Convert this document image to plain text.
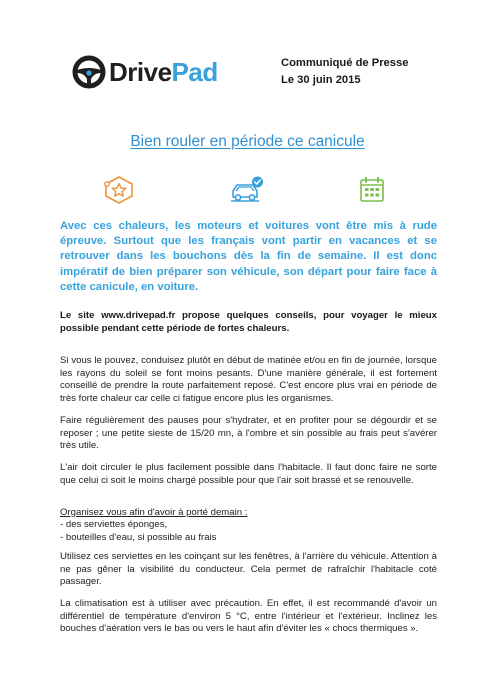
DrivePad	Communiqué de Presse
Le 30 juin 2015
Bien rouler en période ce canicule
Avec ces chaleurs, les moteurs et voitures vont être mis à rude épreuve. Surtout que les français vont partir en vacances et se retrouver dans les bouchons dès la fin de semaine. Il est donc impératif de bien préparer son véhicule, son départ pour faire face à cette canicule, en voiture.
Le site www.drivepad.fr propose quelques conseils, pour voyager le mieux possible pendant cette période de fortes chaleurs.
Si vous le pouvez, conduisez plutôt en début de matinée et/ou en fin de journée, lorsque les rayons du soleil se font moins pesants. D'une manière générale, il est fortement conseillé de prendre la route parfaitement reposé. C'est encore plus vrai en période de très forte chaleur car celle ci fatigue encore plus les organismes.
Faire régulièrement des pauses pour s'hydrater, et en profiter pour se dégourdir et se reposer ; une petite sieste de 15/20 mn, à l'ombre et sin possible au frais peut s'avérer très utile.
L'air doit circuler le plus facilement possible dans l'habitacle. Il faut donc faire ne sorte que celui ci soit le moins chargé possible pour que l'air soit brassé et se renouvelle.
Organisez vous afin d'avoir à porté demain :
- des serviettes éponges,
- bouteilles d'eau, si possible au frais
Utilisez ces serviettes en les coinçant sur les fenêtres, à l'arrière du véhicule. Attention à ne pas gêner la visibilité du conducteur. Cela permet de rafraîchir l'habitacle coté passager.
La climatisation est à utiliser avec précaution. En effet, il est recommandé d'avoir un différentiel de température d'environ 5 °C, entre l'intérieur et l'extérieur. Inclinez les bouches d'aération vers le bas ou vers le haut afin d'éviter les « chocs thermiques ».
